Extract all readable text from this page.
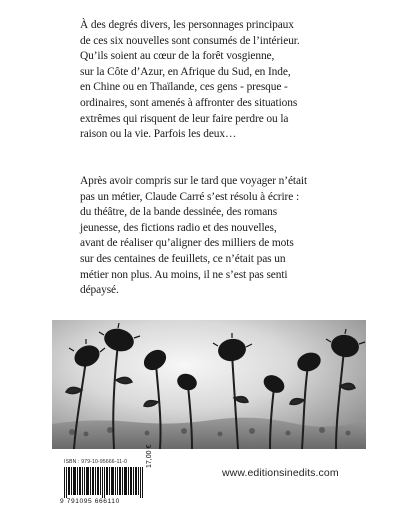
À des degrés divers, les personnages principaux
de ces six nouvelles sont consumés de l’intérieur.
Qu’ils soient au cœur de la forêt vosgienne,
sur la Côte d’Azur, en Afrique du Sud, en Inde,
en Chine ou en Thaïlande, ces gens - presque -
ordinaires, sont amenés à affronter des situations
extrêmes qui risquent de leur faire perdre ou la
raison ou la vie. Parfois les deux…
Après avoir compris sur le tard que voyager n’était
pas un métier, Claude Carré s’est résolu à écrire :
du théâtre, de la bande dessinée, des romans
jeunesse, des fictions radio et des nouvelles,
avant de réaliser qu’aligner des milliers de mots
sur des centaines de feuillets, ce n’était pas un
métier non plus. Au moins, il ne s’est pas senti
dépaysé.
ISBN : 979-10-95666-11-0
9 791095 666110
17,00 €
www.editionsinedits.com
